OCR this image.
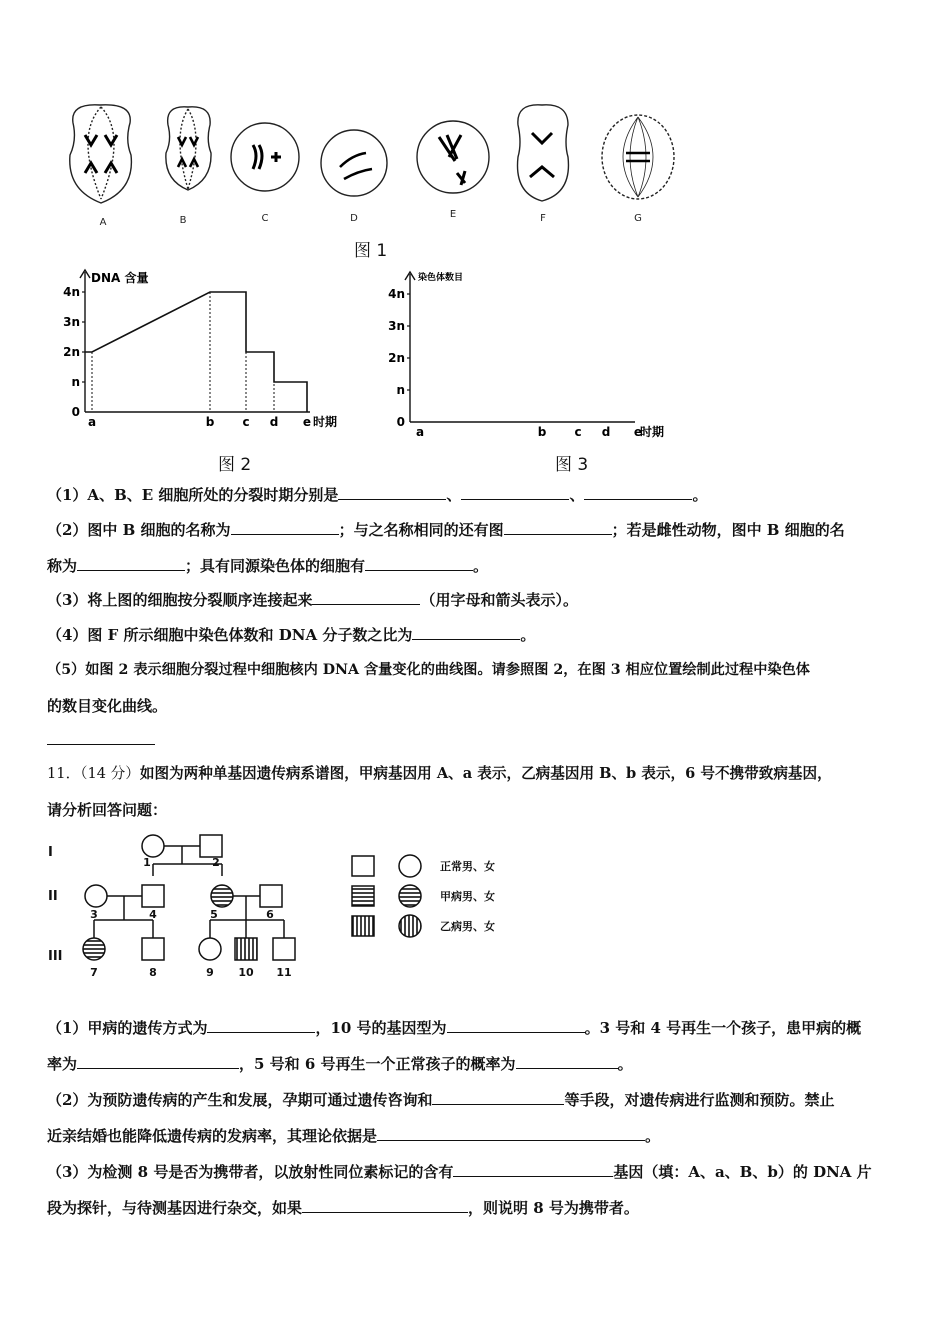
A	B	C	D	E	F	G
图 1
DNA 含量
4n
3n
2n
n
0
a	b c d e 时期
图 2
染色体数目
4n
3n
2n
n
0
a	b c d e
时期
图 3
（1）A、B、E 细胞所处的分裂时期分别是	、	、	。
（2）图中 B 细胞的名称为	；与之名称相同的还有图	；若是雌性动物，图中 B 细胞的名
称为	；具有同源染色体的细胞有	。
（3）将上图的细胞按分裂顺序连接起来	（用字母和箭头表示）。
（4）图 F 所示细胞中染色体数和 DNA 分子数之比为	。
（5）如图 2 表示细胞分裂过程中细胞核内 DNA 含量变化的曲线图。请参照图 2，在图 3 相应位置绘制此过程中染色体
的数目变化曲线。
11．（14 分）如图为两种单基因遗传病系谱图，甲病基因用 A、a 表示，乙病基因用 B、b 表示，6 号不携带致病基因，
请分析回答问题：
I
II
III
1	2
3	4	5	6
7	8	9 10 11
正常男、女
甲病男、女
乙病男、女
（1）甲病的遗传方式为	，10 号的基因型为	。3 号和 4 号再生一个孩子，患甲病的概
率为	，5 号和 6 号再生一个正常孩子的概率为	。
（2）为预防遗传病的产生和发展，孕期可通过遗传咨询和	等手段，对遗传病进行监测和预防。禁止
近亲结婚也能降低遗传病的发病率，其理论依据是	。
（3）为检测 8 号是否为携带者，以放射性同位素标记的含有	基因（填：A、a、B、b）的 DNA 片
段为探针，与待测基因进行杂交，如果	，则说明 8 号为携带者。
